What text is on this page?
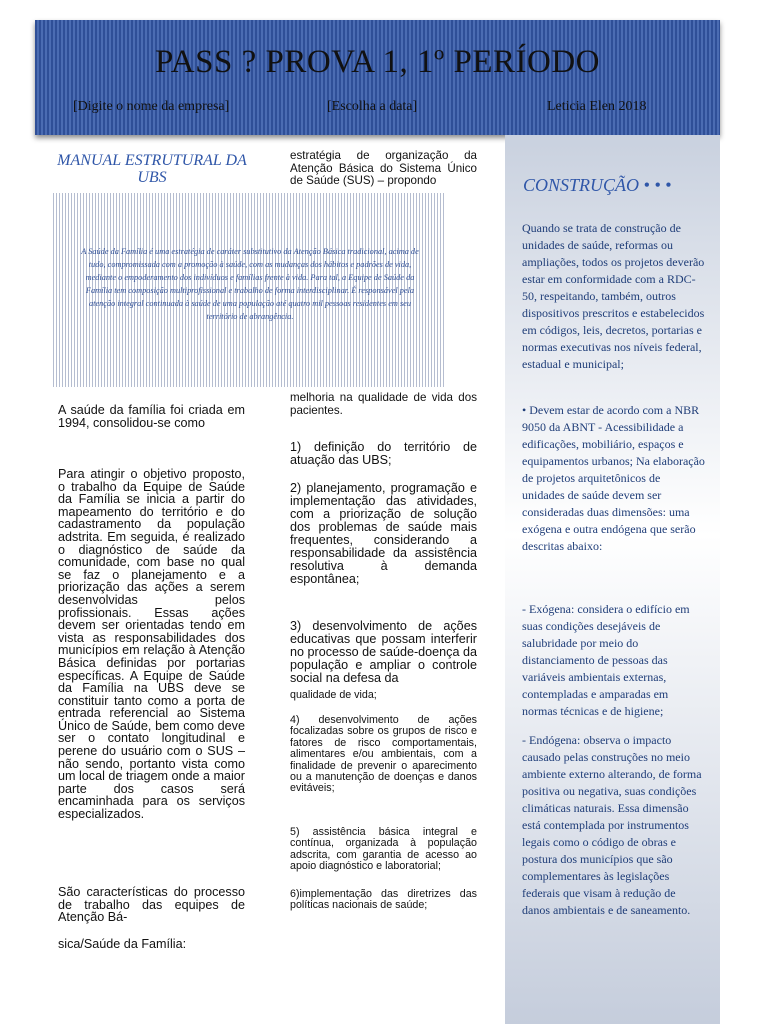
PASS ? PROVA 1, 1º PERÍODO
[Digite o nome da empresa]	[Escolha a data]	Leticia Elen 2018
MANUAL ESTRUTURAL DA UBS

A Saúde da Família é uma estratégia de caráter substitutivo da Atenção Básica tradicional, acima de tudo, compromissada com a promoção à saúde, com as mudanças dos hábitos e padrões de vida, mediante o empoderamento dos indivíduos e famílias frente à vida. Para tal, a Equipe de Saúde da Família tem composição multiprofissional e trabalho de forma interdisciplinar. É responsável pela atenção integral continuada à saúde de uma população até quatro mil pessoas residentes em seu território de abrangência.

A saúde da família foi criada em 1994, consolidou-se como

Para atingir o objetivo proposto, o trabalho da Equipe de Saúde da Família se inicia a partir do mapeamento do território e do cadastramento da população adstrita. Em seguida, é realizado o diagnóstico de saúde da comunidade, com base no qual se faz o planejamento e a priorização das ações a serem desenvolvidas pelos profissionais. Essas ações devem ser orientadas tendo em vista as responsabilidades dos municípios em relação à Atenção Básica definidas por portarias específicas. A Equipe de Saúde da Família na UBS deve se constituir tanto como a porta de entrada referencial ao Sistema Único de Saúde, bem como deve ser o contato longitudinal e perene do usuário com o SUS – não sendo, portanto vista como um local de triagem onde a maior parte dos casos será encaminhada para os serviços especializados.

São características do processo de trabalho das equipes de Atenção Bá-

sica/Saúde da Família:

estratégia de organização da Atenção Básica do Sistema Único de Saúde (SUS) – propondo

melhoria na qualidade de vida dos pacientes.

1) definição do território de atuação das UBS;

2) planejamento, programação e implementação das atividades, com a priorização de solução dos problemas de saúde mais frequentes, considerando a responsabilidade da assistência resolutiva à demanda espontânea;

3) desenvolvimento de ações educativas que possam interferir no processo de saúde-doença da população e ampliar o controle social na defesa da

qualidade de vida;

4) desenvolvimento de ações focalizadas sobre os grupos de risco e fatores de risco comportamentais, alimentares e/ou ambientais, com a finalidade de prevenir o aparecimento ou a manutenção de doenças e danos evitáveis;

5) assistência básica integral e contínua, organizada à população adscrita, com garantia de acesso ao apoio diagnóstico e laboratorial;

6)implementação das diretrizes das políticas nacionais de saúde;

CONSTRUÇÃO • • •

Quando se trata de construção de unidades de saúde, reformas ou ampliações, todos os projetos deverão estar em conformidade com a RDC-50, respeitando, também, outros dispositivos prescritos e estabelecidos em códigos, leis, decretos, portarias e normas executivas nos níveis federal, estadual e municipal;

• Devem estar de acordo com a NBR 9050 da ABNT - Acessibilidade a edificações, mobiliário, espaços e equipamentos urbanos; Na elaboração de projetos arquitetônicos de unidades de saúde devem ser consideradas duas dimensões: uma exógena e outra endógena que serão descritas abaixo:

- Exógena: considera o edifício em suas condições desejáveis de salubridade por meio do distanciamento de pessoas das variáveis ambientais externas, contempladas e amparadas em normas técnicas e de higiene;

- Endógena: observa o impacto causado pelas construções no meio ambiente externo alterando, de forma positiva ou negativa, suas condições climáticas naturais. Essa dimensão está contemplada por instrumentos legais como o código de obras e postura dos municípios que são complementares às legislações federais que visam à redução de danos ambientais e de saneamento.
